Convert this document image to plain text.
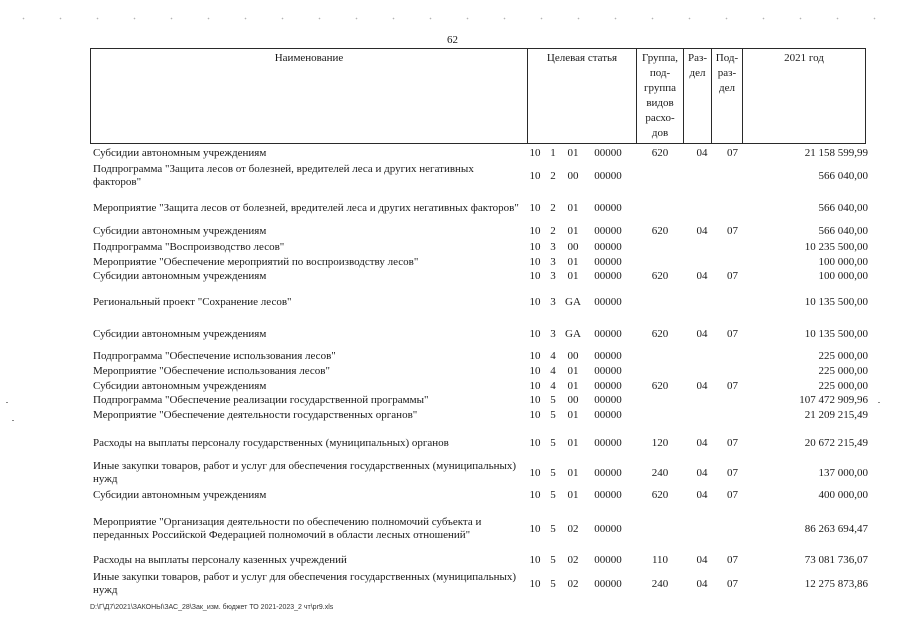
62
Наименование	Целевая статья	Группа, под-группа видов расхо-дов	Раз-дел	Под-раз-дел	2021 год
Субсидии автономным учреждениям	10 1	01	00000	620	04	07	21 158 599,99
Подпрограмма "Защита лесов от болезней, вредителей леса и других негативных факторов"	10 2	00	00000	566 040,00
Мероприятие "Защита лесов от болезней, вредителей леса и других негативных факторов" 10 2	01	00000	566 040,00
Субсидии автономным учреждениям	10 2	01	00000	620	04	07	566 040,00
Подпрограмма "Воспроизводство лесов"	10 3	00	00000	10 235 500,00
Мероприятие "Обеспечение мероприятий по воспроизводству лесов"	10 3	01	00000	100 000,00
Субсидии автономным учреждениям	10 3	01	00000	620	04	07	100 000,00
Региональный проект "Сохранение лесов"	10 3 GA	00000	10 135 500,00
Субсидии автономным учреждениям	10 3 GA	00000	620	04	07	10 135 500,00
Подпрограмма "Обеспечение использования лесов"	10 4	00	00000	225 000,00
Мероприятие "Обеспечение использования лесов"	10 4	01	00000	225 000,00
Субсидии автономным учреждениям	10 4	01	00000	620	04	07	225 000,00
Подпрограмма "Обеспечение реализации государственной программы"	10 5	00	00000	107 472 909,96
Мероприятие "Обеспечение деятельности государственных органов"	10 5	01	00000	21 209 215,49
Расходы на выплаты персоналу государственных (муниципальных) органов	10 5	01	00000	120	04	07	20 672 215,49
Иные закупки товаров, работ и услуг для обеспечения государственных (муниципальных) нужд	10 5	01	00000	240	04	07	137 000,00
Субсидии автономным учреждениям	10 5	01	00000	620	04	07	400 000,00
Мероприятие "Организация деятельности по обеспечению полномочий субъекта и переданных Российской Федерацией полномочий в области лесных отношений"	10 5	02	00000	86 263 694,47
Расходы на выплаты персоналу казенных учреждений	10 5	02	00000	110	04	07	73 081 736,07
Иные закупки товаров, работ и услуг для обеспечения государственных (муниципальных) нужд	10 5	02	00000	240	04	07	12 275 873,86
D:\Г\Д7\2021\ЗАКОНЫ\ЗАС_28\Зак_изм. бюджет ТО 2021-2023_2 чт\pr9.xls
